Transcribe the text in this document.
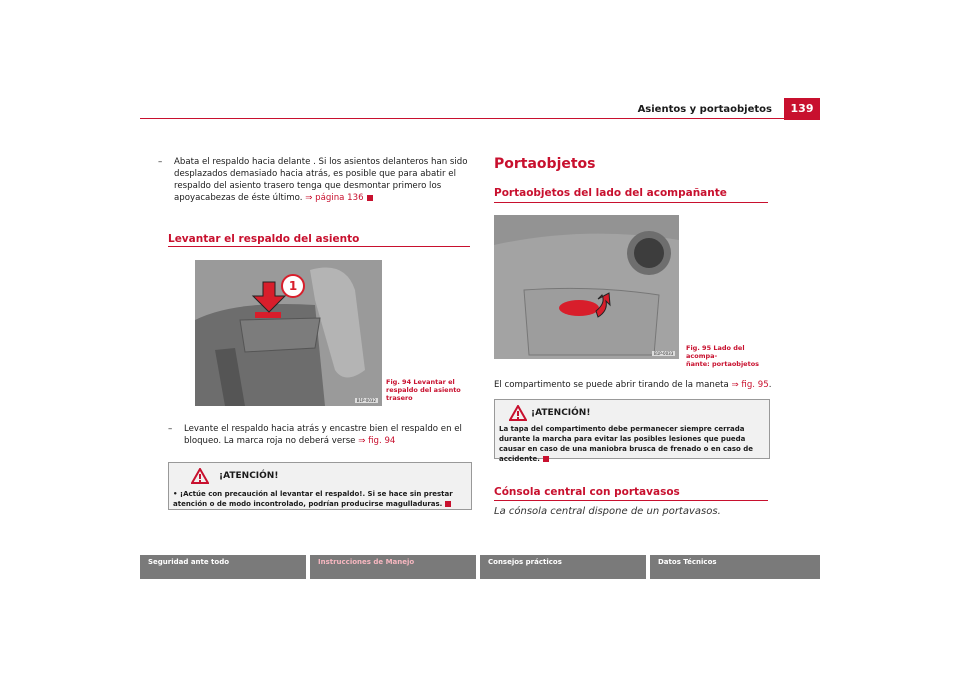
Asientos y portaobjetos	139
–	Abata el respaldo hacia delante . Si los asientos delanteros han sido desplazados demasiado hacia atrás, es posible que para abatir el respaldo del asiento trasero tenga que desmontar primero los apoyacabezas de éste último. ⇒ página 136
Levantar el respaldo del asiento
1
B1P-0032
Fig. 94 Levantar el
respaldo del asiento
trasero
–	Levante el respaldo hacia atrás y encastre bien el respaldo en el bloqueo. La marca roja no deberá verse ⇒ fig. 94
¡ATENCIÓN!
• ¡Actúe con precaución al levantar el respaldo!. Si se hace sin prestar atención o de modo incontrolado, podrían producirse magulladuras.
Portaobjetos
Portaobjetos del lado del acompañante
B1P-0033
Fig. 95 Lado del acompa-
ñante: portaobjetos
El compartimento se puede abrir tirando de la maneta ⇒ fig. 95.
¡ATENCIÓN!
La tapa del compartimento debe permanecer siempre cerrada durante la marcha para evitar las posibles lesiones que pueda causar en caso de una maniobra brusca de frenado o en caso de accidente.
Cónsola central con portavasos
La cónsola central dispone de un portavasos.
Seguridad ante todo	Instrucciones de Manejo	Consejos prácticos	Datos Técnicos
